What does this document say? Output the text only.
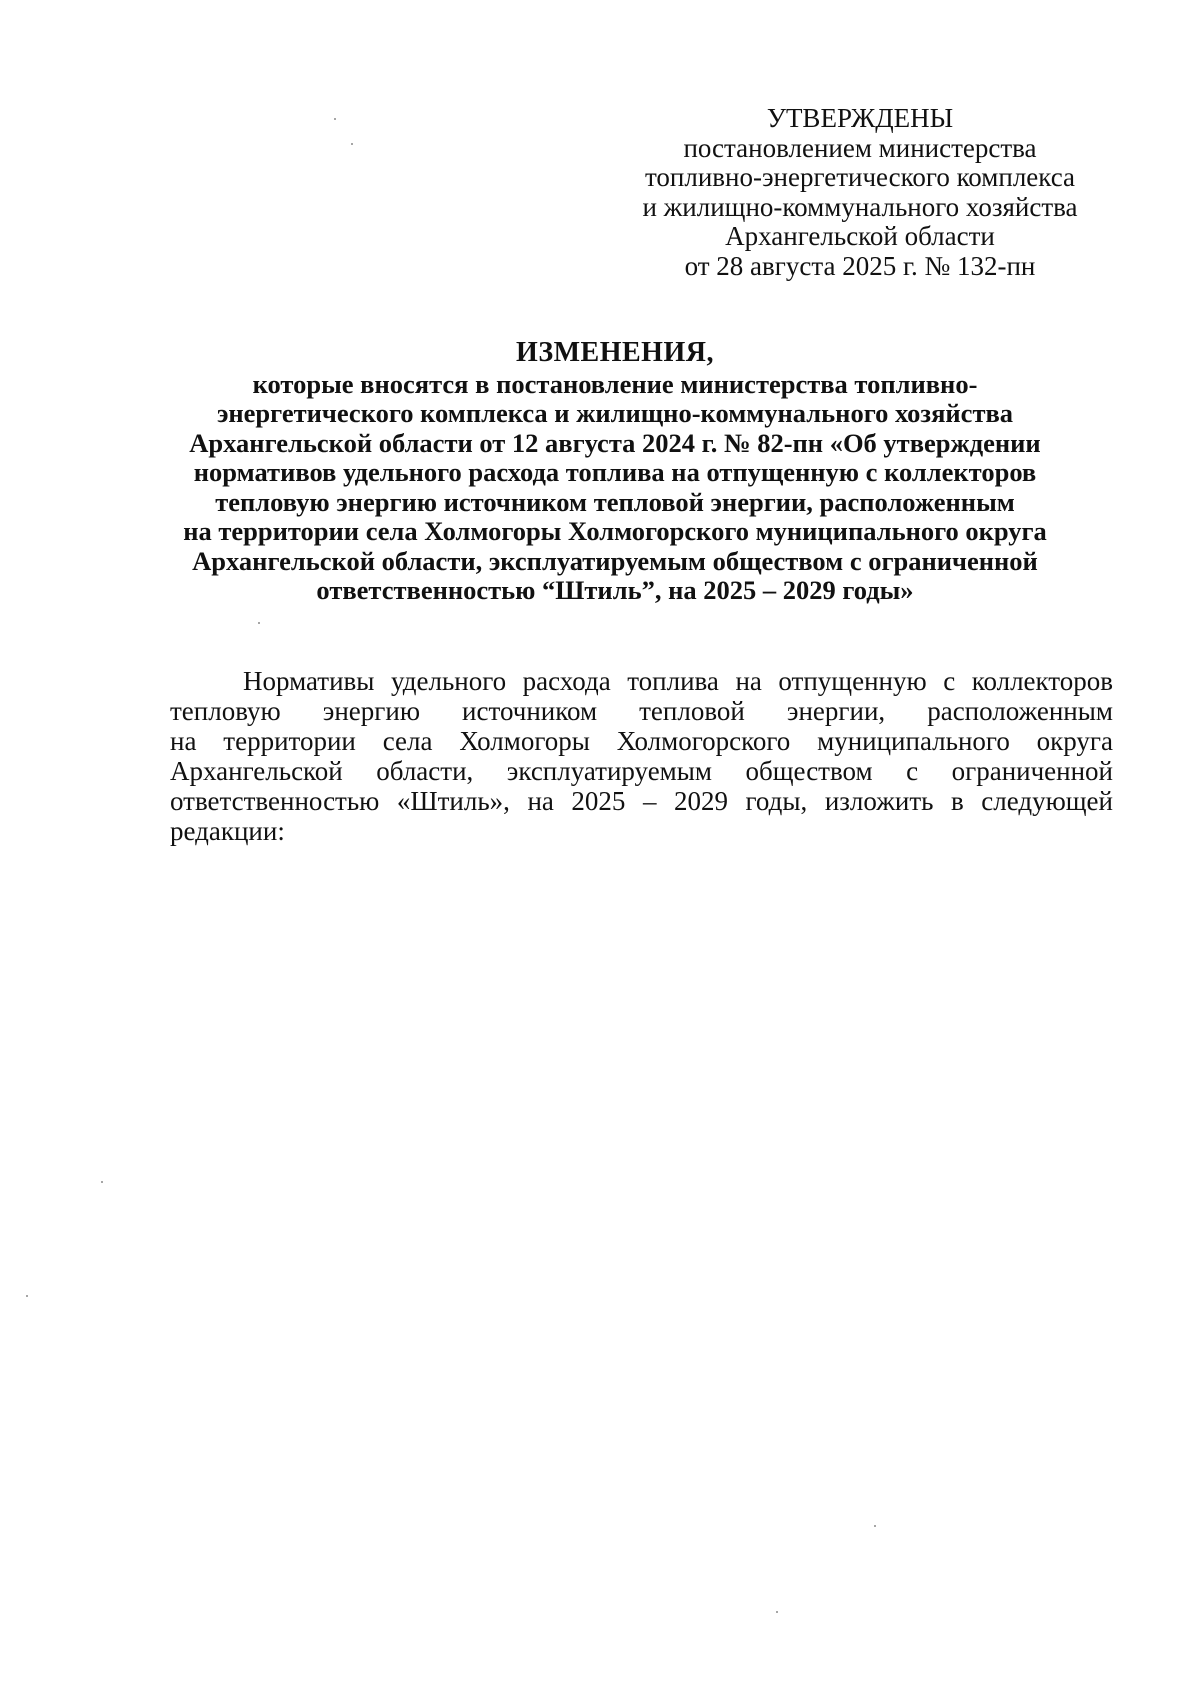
УТВЕРЖДЕНЫ
постановлением министерства
топливно-энергетического комплекса
и жилищно-коммунального хозяйства
Архангельской области
от 28 августа 2025 г. № 132-пн
ИЗМЕНЕНИЯ,
которые вносятся в постановление министерства топливно-
энергетического комплекса и жилищно-коммунального хозяйства
Архангельской области от 12 августа 2024 г. № 82-пн «Об утверждении
нормативов удельного расхода топлива на отпущенную с коллекторов
тепловую энергию источником тепловой энергии, расположенным
на территории села Холмогоры Холмогорского муниципального округа
Архангельской области, эксплуатируемым обществом с ограниченной
ответственностью “Штиль”, на 2025 – 2029 годы»
Нормативы удельного расхода топлива на отпущенную с коллекторов
тепловую энергию источником тепловой энергии, расположенным
на территории села Холмогоры Холмогорского муниципального округа
Архангельской области, эксплуатируемым обществом с ограниченной
ответственностью «Штиль», на 2025 – 2029 годы, изложить в следующей
редакции:
